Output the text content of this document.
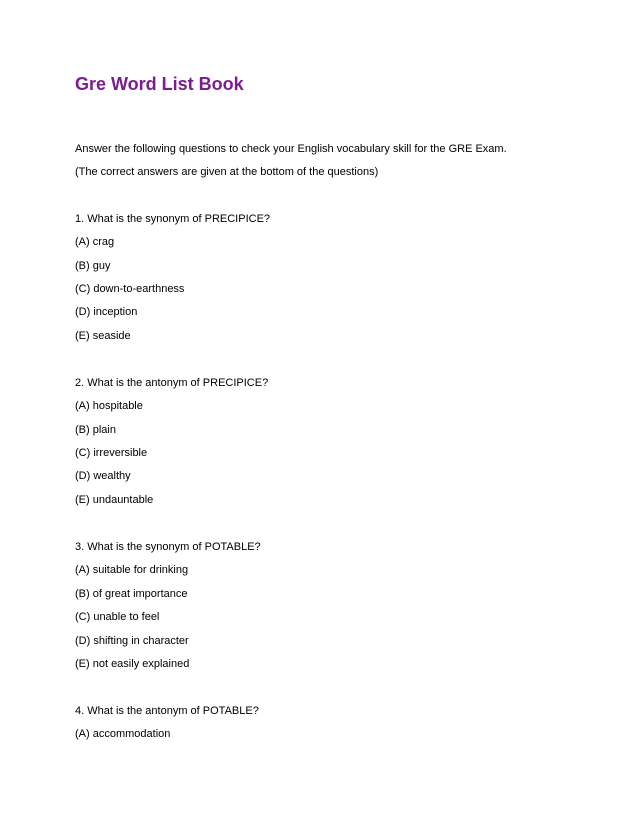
Gre Word List Book
Answer the following questions to check your English vocabulary skill for the GRE Exam.
(The correct answers are given at the bottom of the questions)
1. What is the synonym of PRECIPICE?
(A) crag
(B) guy
(C) down-to-earthness
(D) inception
(E) seaside
2. What is the antonym of PRECIPICE?
(A) hospitable
(B) plain
(C) irreversible
(D) wealthy
(E) undauntable
3. What is the synonym of POTABLE?
(A) suitable for drinking
(B) of great importance
(C) unable to feel
(D) shifting in character
(E) not easily explained
4. What is the antonym of POTABLE?
(A) accommodation
